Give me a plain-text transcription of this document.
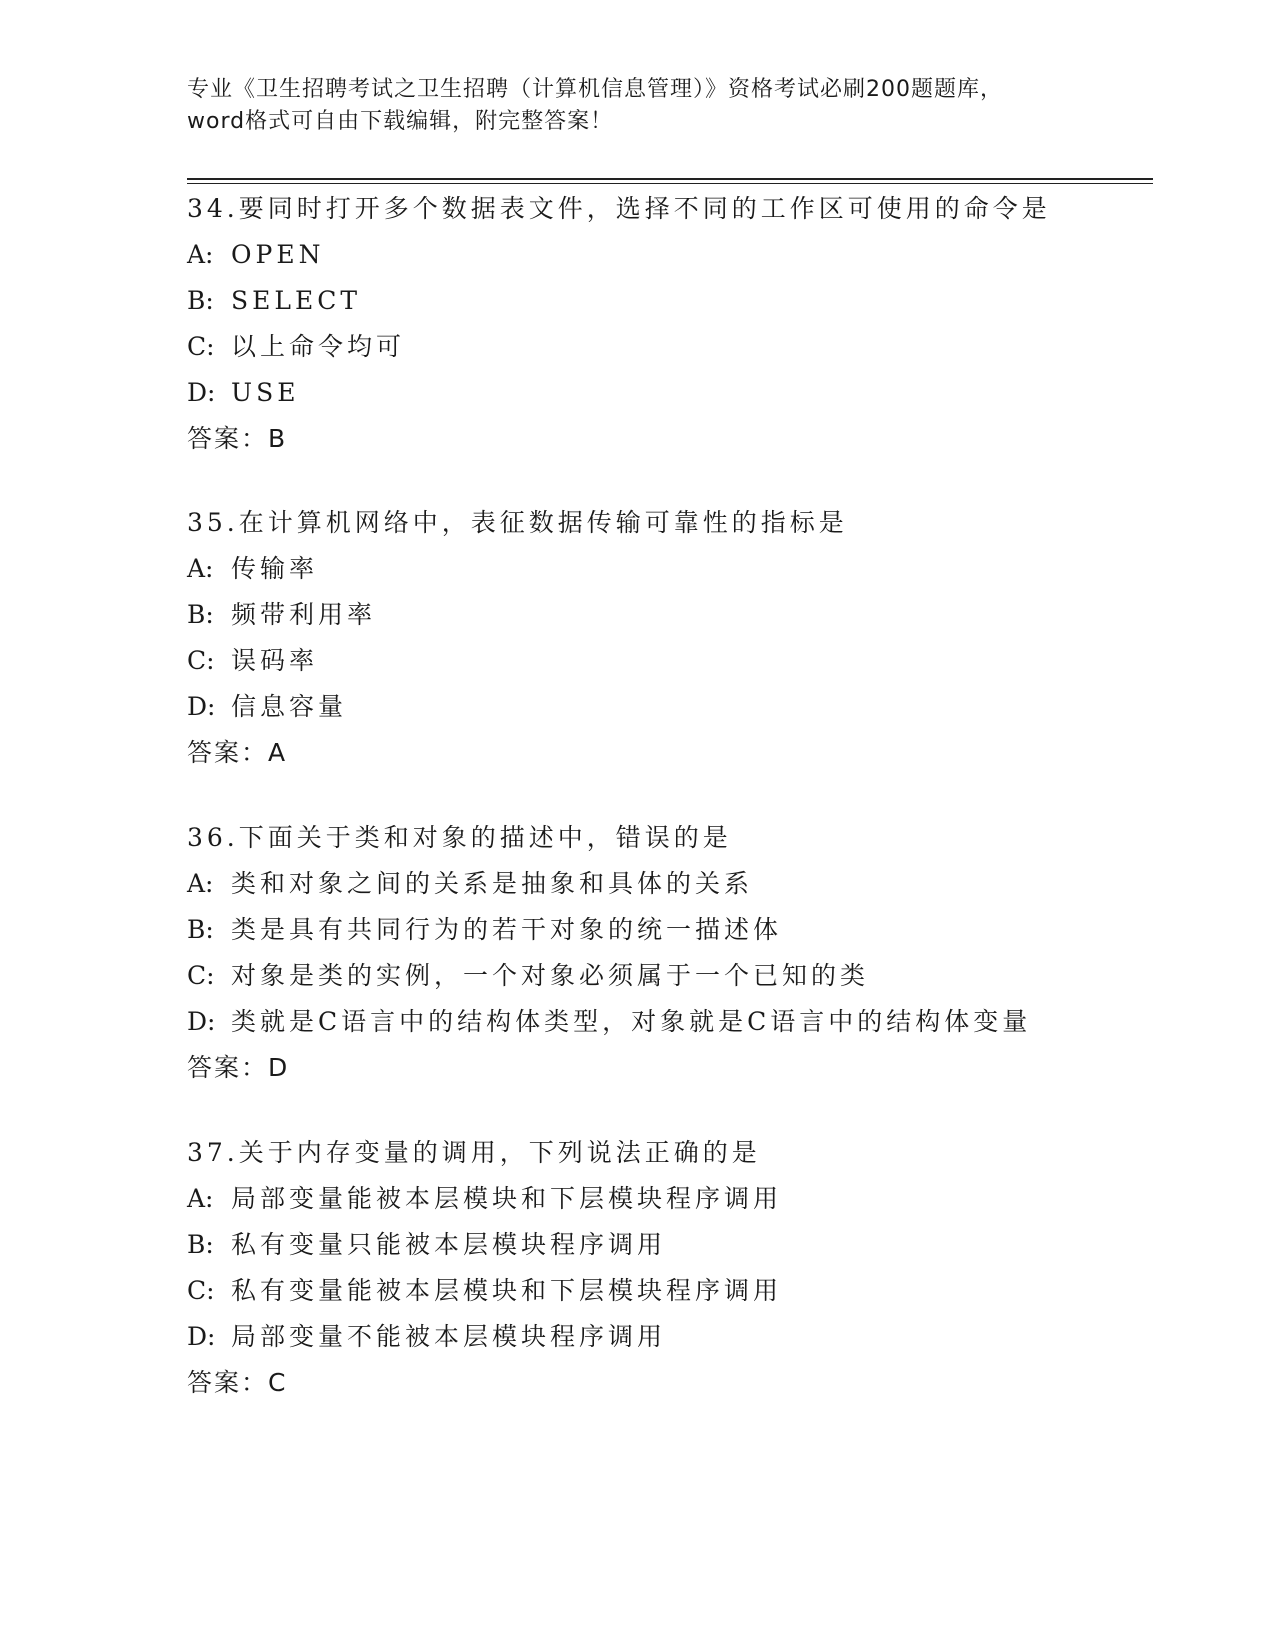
专业《卫生招聘考试之卫生招聘（计算机信息管理）》资格考试必刷200题题库，
word格式可自由下载编辑，附完整答案！
34.要同时打开多个数据表文件，选择不同的工作区可使用的命令是
A: OPEN
B: SELECT
C: 以上命令均可
D: USE
答案：B
35.在计算机网络中，表征数据传输可靠性的指标是
A: 传输率
B: 频带利用率
C: 误码率
D: 信息容量
答案：A
36.下面关于类和对象的描述中，错误的是
A: 类和对象之间的关系是抽象和具体的关系
B: 类是具有共同行为的若干对象的统一描述体
C: 对象是类的实例，一个对象必须属于一个已知的类
D: 类就是C语言中的结构体类型，对象就是C语言中的结构体变量
答案：D
37.关于内存变量的调用，下列说法正确的是
A: 局部变量能被本层模块和下层模块程序调用
B: 私有变量只能被本层模块程序调用
C: 私有变量能被本层模块和下层模块程序调用
D: 局部变量不能被本层模块程序调用
答案：C
